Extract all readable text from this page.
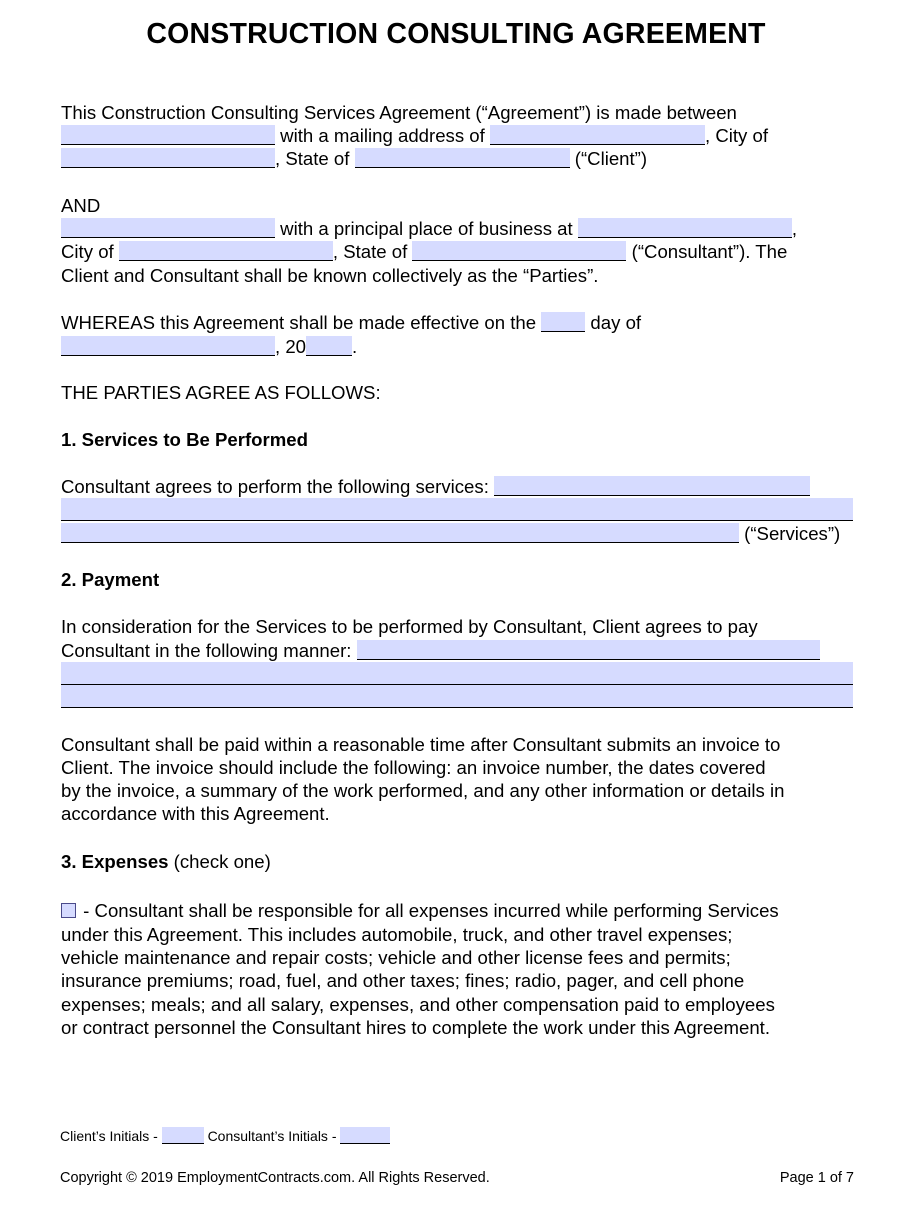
CONSTRUCTION CONSULTING AGREEMENT
This Construction Consulting Services Agreement (“Agreement”) is made between
with a mailing address of	, City of
, State of	(“Client”)
AND
with a principal place of business at	,
City of	, State of	(“Consultant”). The
Client and Consultant shall be known collectively as the “Parties”.
WHEREAS this Agreement shall be made effective on the	day of
, 20 .
THE PARTIES AGREE AS FOLLOWS:
1. Services to Be Performed
Consultant agrees to perform the following services:
(“Services”)
2. Payment
In consideration for the Services to be performed by Consultant, Client agrees to pay
Consultant in the following manner:
Consultant shall be paid within a reasonable time after Consultant submits an invoice to
Client. The invoice should include the following: an invoice number, the dates covered
by the invoice, a summary of the work performed, and any other information or details in
accordance with this Agreement.
3. Expenses (check one)
- Consultant shall be responsible for all expenses incurred while performing Services
under this Agreement. This includes automobile, truck, and other travel expenses;
vehicle maintenance and repair costs; vehicle and other license fees and permits;
insurance premiums; road, fuel, and other taxes; fines; radio, pager, and cell phone
expenses; meals; and all salary, expenses, and other compensation paid to employees
or contract personnel the Consultant hires to complete the work under this Agreement.
Client’s Initials -	Consultant’s Initials -
Copyright © 2019 EmploymentContracts.com. All Rights Reserved.	Page 1 of 7
